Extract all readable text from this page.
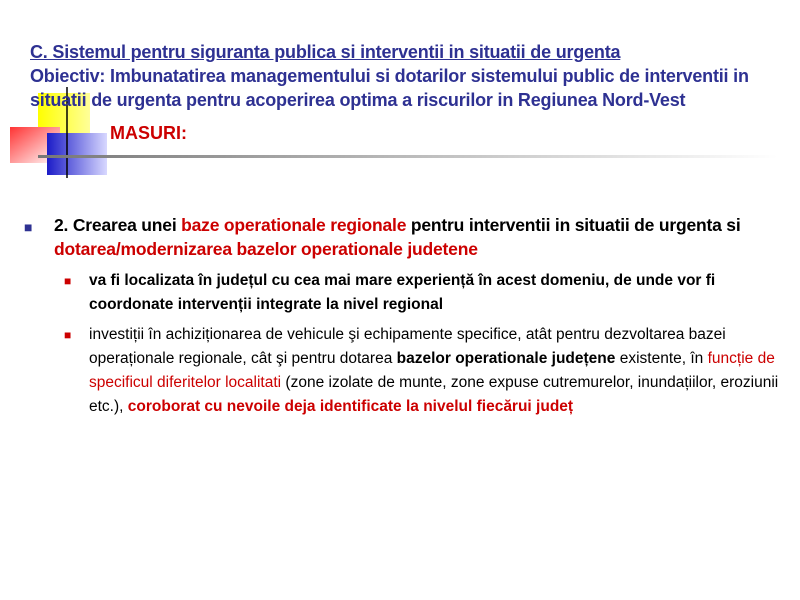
C. Sistemul pentru siguranta publica si interventii in situatii de urgenta
Obiectiv: Imbunatatirea managementului si dotarilor sistemului public de interventii in situatii de urgenta pentru acoperirea optima a riscurilor in Regiunea Nord-Vest
MASURI:
■ 2. Crearea unei baze operationale regionale pentru interventii in situatii de urgenta si dotarea/modernizarea bazelor operationale judetene
■ va fi localizata în județul cu cea mai mare experiență în acest domeniu, de unde vor fi coordonate intervenții integrate la nivel regional
■ investiții în achiziționarea de vehicule şi echipamente specifice, atât pentru dezvoltarea bazei operaționale regionale, cât şi pentru dotarea bazelor operationale județene existente, în funcție de specificul diferitelor localitati (zone izolate de munte, zone expuse cutremurelor, inundațiilor, eroziunii etc.), coroborat cu nevoile deja identificate la nivelul fiecărui județ
